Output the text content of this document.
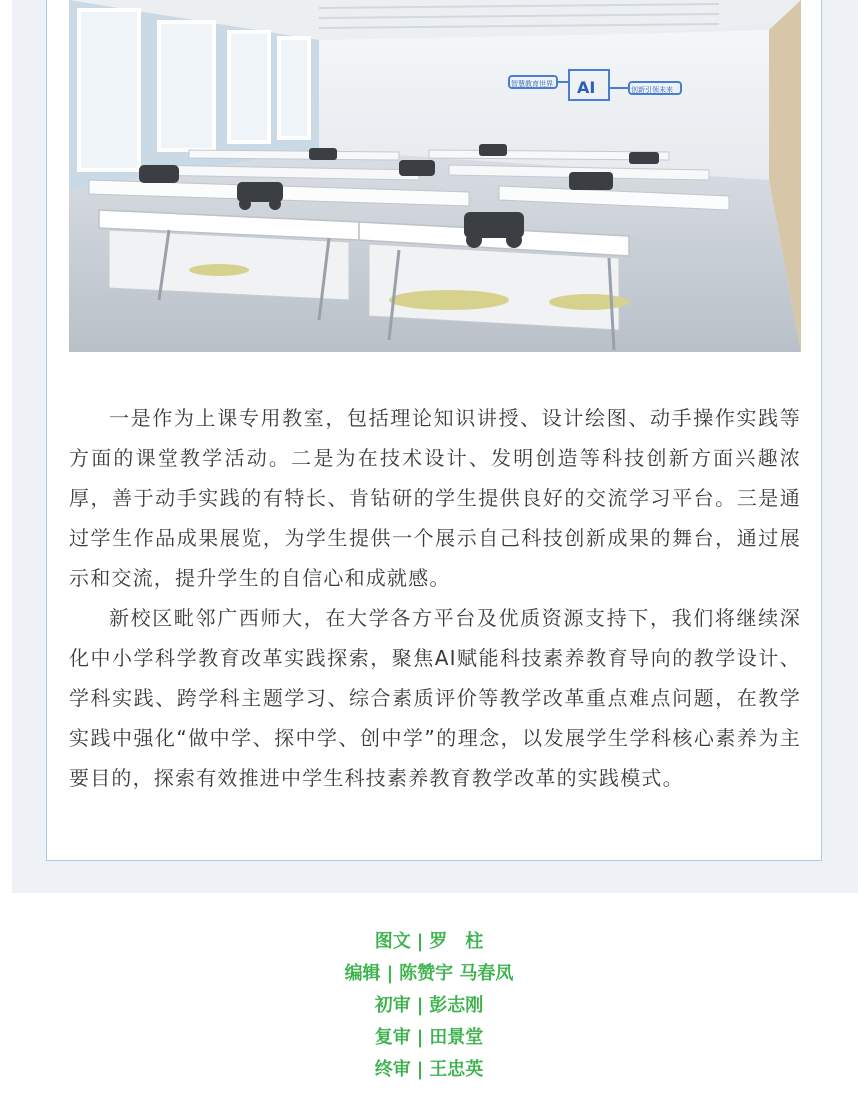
AI
智慧教育世界
创新引领未来

一是作为上课专用教室，包括理论知识讲授、设计绘图、动手操作实践等方面的课堂教学活动。二是为在技术设计、发明创造等科技创新方面兴趣浓厚，善于动手实践的有特长、肯钻研的学生提供良好的交流学习平台。三是通过学生作品成果展览，为学生提供一个展示自己科技创新成果的舞台，通过展示和交流，提升学生的自信心和成就感。

新校区毗邻广西师大，在大学各方平台及优质资源支持下，我们将继续深化中小学科学教育改革实践探索，聚焦AI赋能科技素养教育导向的教学设计、学科实践、跨学科主题学习、综合素质评价等教学改革重点难点问题，在教学实践中强化“做中学、探中学、创中学”的理念，以发展学生学科核心素养为主要目的，探索有效推进中学生科技素养教育教学改革的实践模式。

图文 | 罗　柱
编辑 | 陈赞宇 马春凤
初审 | 彭志刚
复审 | 田景堂
终审 | 王忠英
